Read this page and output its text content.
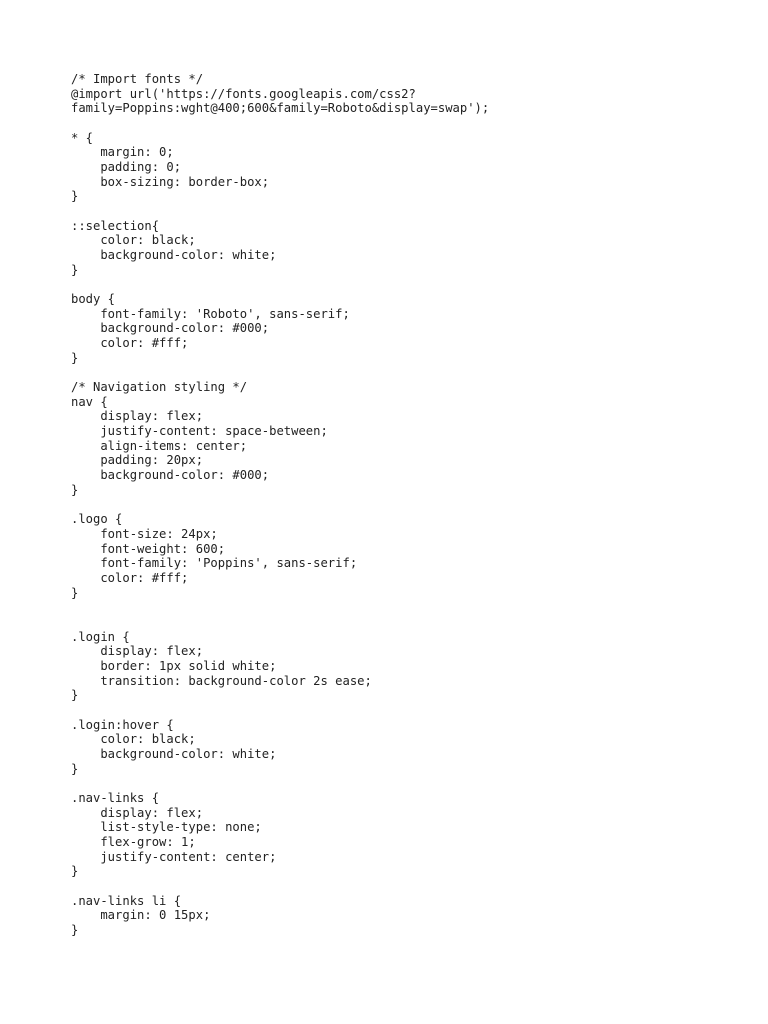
/* Import fonts */
@import url('https://fonts.googleapis.com/css2?
family=Poppins:wght@400;600&family=Roboto&display=swap');
* {
margin: 0;
padding: 0;
box-sizing: border-box;
}
::selection{
color: black;
background-color: white;
}
body {
font-family: 'Roboto', sans-serif;
background-color: #000;
color: #fff;
}
/* Navigation styling */
nav {
display: flex;
justify-content: space-between;
align-items: center;
padding: 20px;
background-color: #000;
}
.logo {
font-size: 24px;
font-weight: 600;
font-family: 'Poppins', sans-serif;
color: #fff;
}
.login {
display: flex;
border: 1px solid white;
transition: background-color 2s ease;
}
.login:hover {
color: black;
background-color: white;
}
.nav-links {
display: flex;
list-style-type: none;
flex-grow: 1;
justify-content: center;
}
.nav-links li {
margin: 0 15px;
}
